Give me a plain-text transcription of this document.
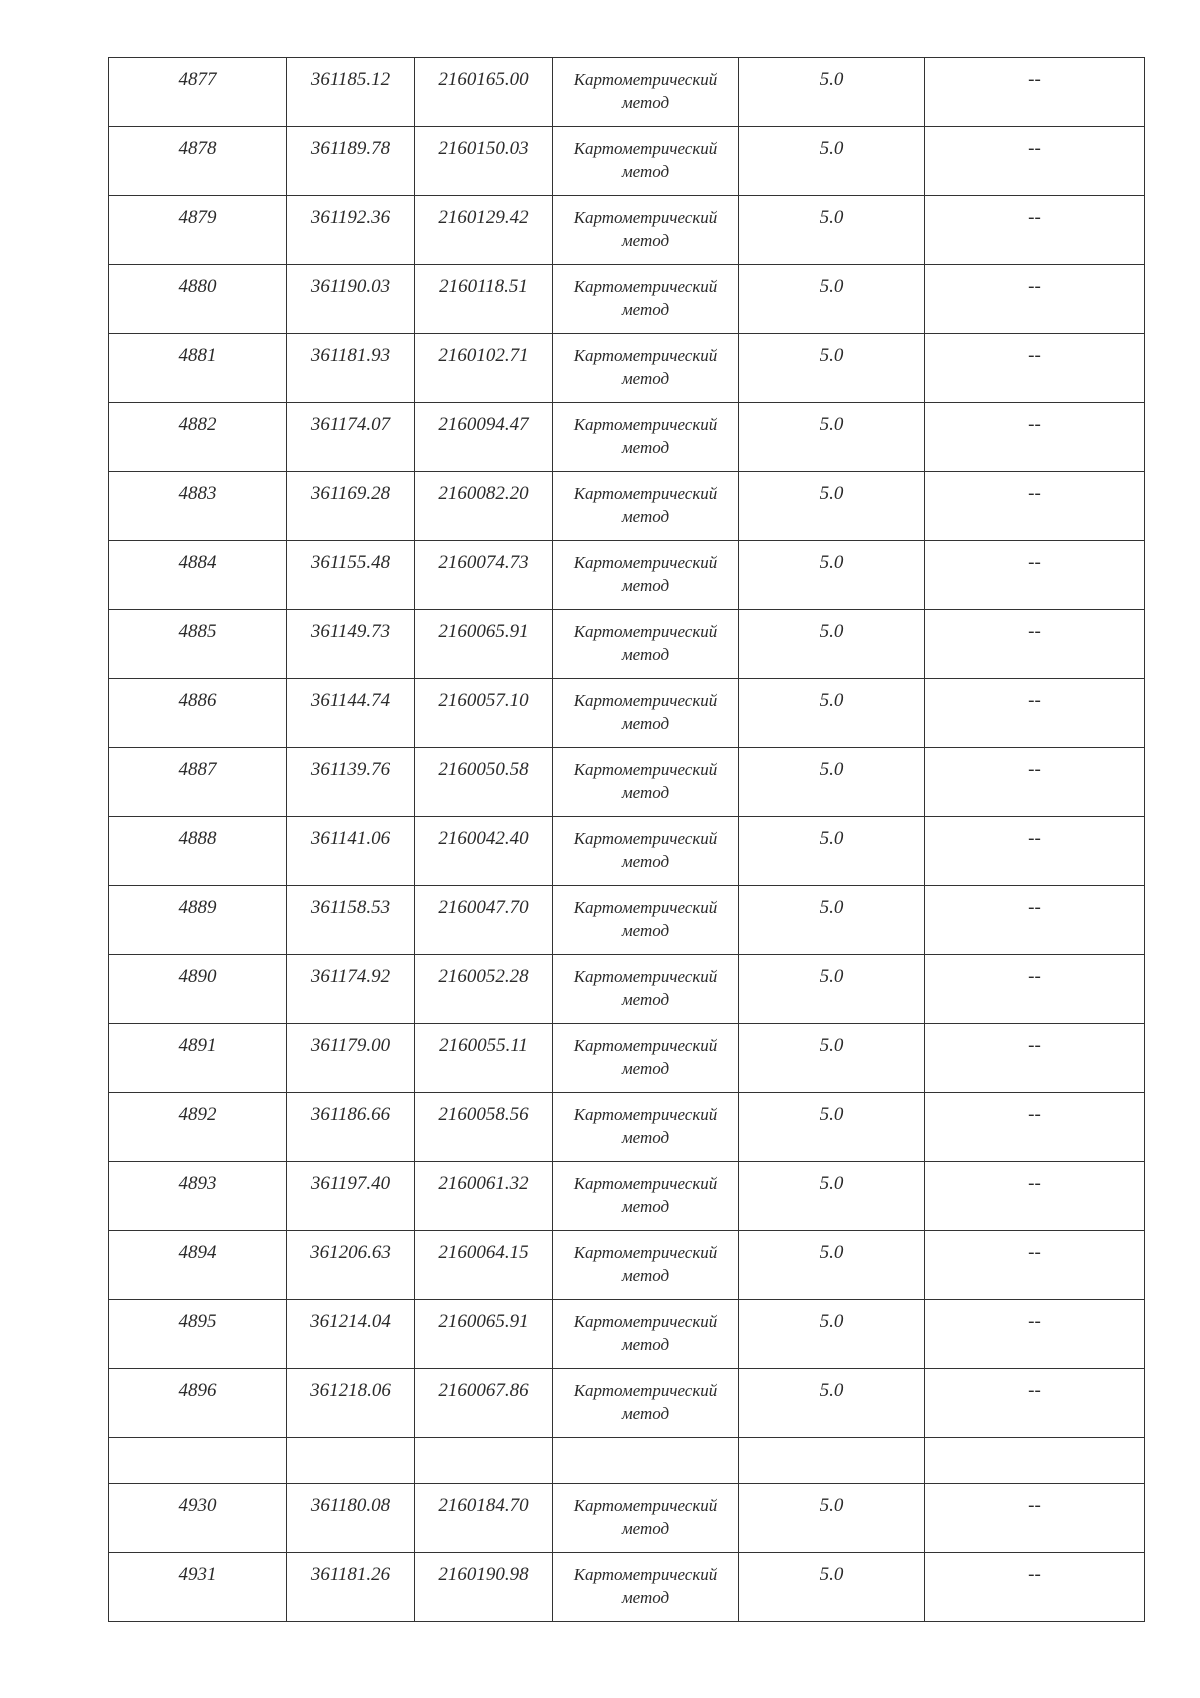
4877	361185.12	2160165.00	Картометрический
метод	5.0	--
4878	361189.78	2160150.03	Картометрический
метод	5.0	--
4879	361192.36	2160129.42	Картометрический
метод	5.0	--
4880	361190.03	2160118.51	Картометрический
метод	5.0	--
4881	361181.93	2160102.71	Картометрический
метод	5.0	--
4882	361174.07	2160094.47	Картометрический
метод	5.0	--
4883	361169.28	2160082.20	Картометрический
метод	5.0	--
4884	361155.48	2160074.73	Картометрический
метод	5.0	--
4885	361149.73	2160065.91	Картометрический
метод	5.0	--
4886	361144.74	2160057.10	Картометрический
метод	5.0	--
4887	361139.76	2160050.58	Картометрический
метод	5.0	--
4888	361141.06	2160042.40	Картометрический
метод	5.0	--
4889	361158.53	2160047.70	Картометрический
метод	5.0	--
4890	361174.92	2160052.28	Картометрический
метод	5.0	--
4891	361179.00	2160055.11	Картометрический
метод	5.0	--
4892	361186.66	2160058.56	Картометрический
метод	5.0	--
4893	361197.40	2160061.32	Картометрический
метод	5.0	--
4894	361206.63	2160064.15	Картометрический
метод	5.0	--
4895	361214.04	2160065.91	Картометрический
метод	5.0	--
4896	361218.06	2160067.86	Картометрический
метод	5.0	--

4930	361180.08	2160184.70	Картометрический
метод	5.0	--
4931	361181.26	2160190.98	Картометрический
метод	5.0	--
